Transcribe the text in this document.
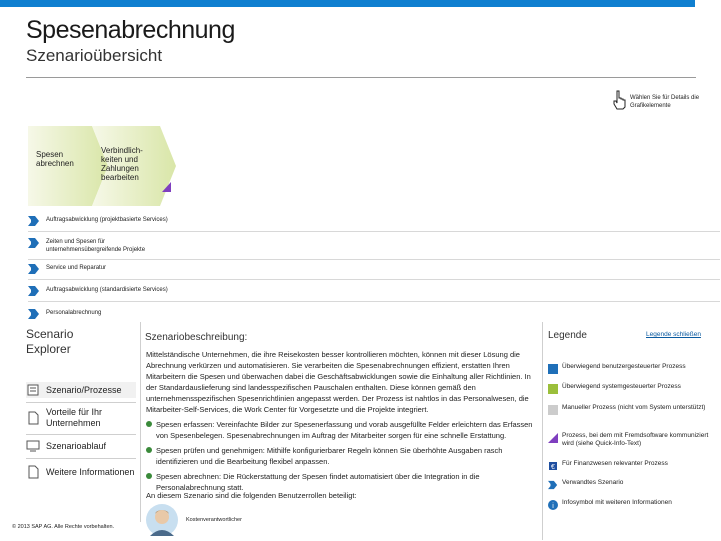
Spesenabrechnung
Szenarioübersicht
Wählen Sie für Details die Grafikelemente
Spesen abrechnen
Verbindlich-keiten und Zahlungen bearbeiten
Auftragsabwicklung (projektbasierte Services)
Zeiten und Spesen für unternehmensübergreifende Projekte
Service und Reparatur
Auftragsabwicklung (standardisierte Services)
Personalabrechnung
Scenario Explorer
Szenario/Prozesse
Vorteile für Ihr Unternehmen
Szenarioablauf
Weitere Informationen
Szenariobeschreibung:

Mittelständische Unternehmen, die ihre Reisekosten besser kontrollieren möchten, können mit dieser Lösung die Abrechnung verkürzen und automatisieren. Sie verarbeiten die Spesenabrechnungen effizient, erstatten Ihren Mitarbeitern die Spesen und überwachen dabei die Geschäftsabwicklungen sowie die Einhaltung aller Richtlinien. In der Standardauslieferung sind landesspezifischen Pauschalen enthalten. Diese können gemäß den unternehmensspezifischen Spesenrichtlinien angepasst werden. Der Prozess ist nahtlos in das Personalwesen, die Mitarbeiter-Self-Services, die Work Center für Vorgesetzte und die Projekte integriert.

Spesen erfassen: Vereinfachte Bilder zur Spesenerfassung und vorab ausgefüllte Felder erleichtern das Erfassen von Spesenbelegen. Spesenabrechnungen im Auftrag der Mitarbeiter sorgen für eine schnelle Erstattung.
Spesen prüfen und genehmigen: Mithilfe konfigurierbarer Regeln können Sie überhöhte Ausgaben rasch identifizieren und die Bearbeitung flexibel anpassen.
Spesen abrechnen: Die Rückerstattung der Spesen findet automatisiert über die Integration in die Personalabrechnung statt.
An diesem Szenario sind die folgenden Benutzerrollen beteiligt:
Kostenverantwortlicher
Legende	Legende schließen
Überwiegend benutzergesteuerter Prozess
Überwiegend systemgesteuerter Prozess
Manueller Prozess (nicht vom System unterstützt)
Prozess, bei dem mit Fremdsoftware kommuniziert wird (siehe Quick-Info-Text)
€
Für Finanzwesen relevanter Prozess
Verwandtes Szenario
i
Infosymbol mit weiteren Informationen
© 2013 SAP AG. Alle Rechte vorbehalten.
